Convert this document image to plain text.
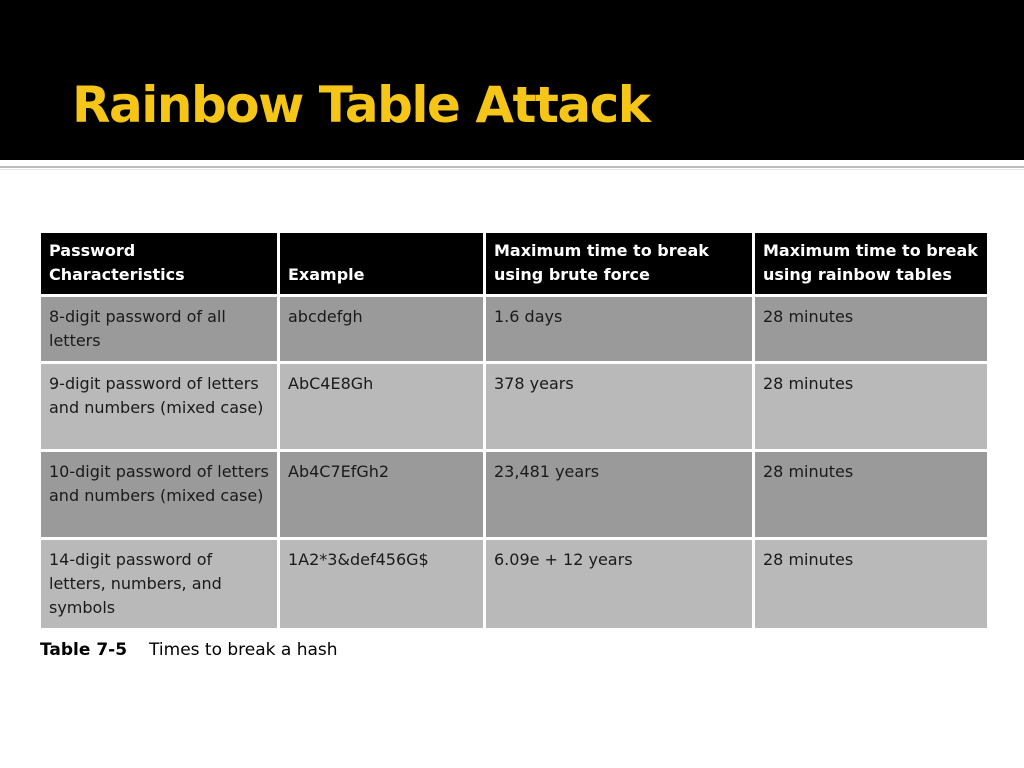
Rainbow Table Attack
Password Characteristics	Example	Maximum time to break using brute force	Maximum time to break using rainbow tables
8-digit password of all letters	abcdefgh	1.6 days	28 minutes
9-digit password of letters and numbers (mixed case)	AbC4E8Gh	378 years	28 minutes
10-digit password of letters and numbers (mixed case)	Ab4C7EfGh2	23,481 years	28 minutes
14-digit password of letters, numbers, and symbols	1A2*3&def456G$	6.09e + 12 years	28 minutes
Table 7-5 Times to break a hash
